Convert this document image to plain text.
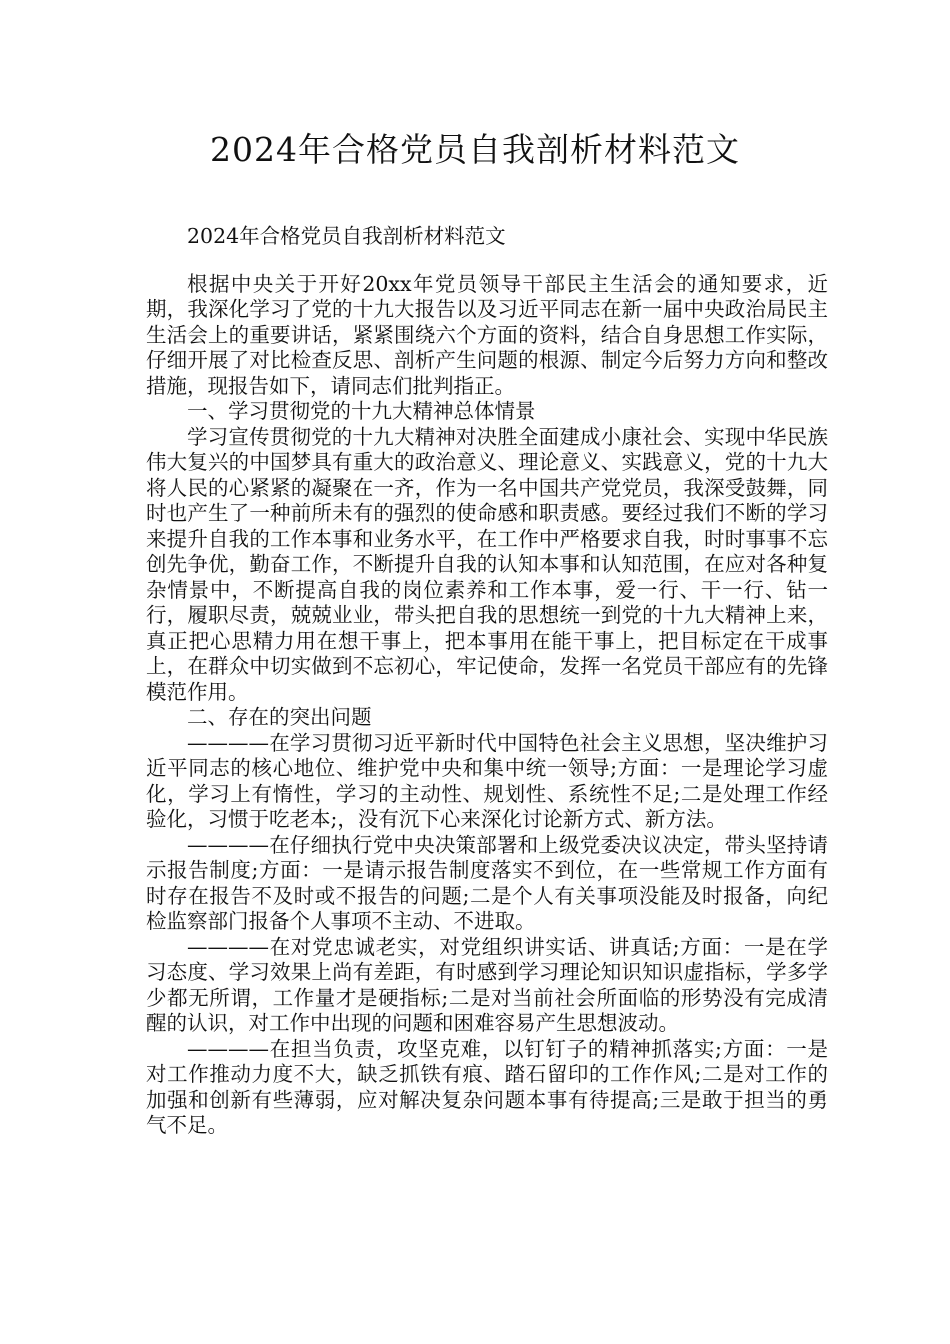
2024年合格党员自我剖析材料范文

2024年合格党员自我剖析材料范文

根据中央关于开好20xx年党员领导干部民主生活会的通知要求，近期，我深化学习了党的十九大报告以及习近平同志在新一届中央政治局民主生活会上的重要讲话，紧紧围绕六个方面的资料，结合自身思想工作实际，仔细开展了对比检查反思、剖析产生问题的根源、制定今后努力方向和整改措施，现报告如下，请同志们批判指正。

一、学习贯彻党的十九大精神总体情景

学习宣传贯彻党的十九大精神对决胜全面建成小康社会、实现中华民族伟大复兴的中国梦具有重大的政治意义、理论意义、实践意义，党的十九大将人民的心紧紧的凝聚在一齐，作为一名中国共产党党员，我深受鼓舞，同时也产生了一种前所未有的强烈的使命感和职责感。要经过我们不断的学习来提升自我的工作本事和业务水平，在工作中严格要求自我，时时事事不忘创先争优，勤奋工作，不断提升自我的认知本事和认知范围，在应对各种复杂情景中，不断提高自我的岗位素养和工作本事，爱一行、干一行、钻一行，履职尽责，兢兢业业，带头把自我的思想统一到党的十九大精神上来，真正把心思精力用在想干事上，把本事用在能干事上，把目标定在干成事上，在群众中切实做到不忘初心，牢记使命，发挥一名党员干部应有的先锋模范作用。

二、存在的突出问题

————在学习贯彻习近平新时代中国特色社会主义思想，坚决维护习近平同志的核心地位、维护党中央和集中统一领导;方面：一是理论学习虚化，学习上有惰性，学习的主动性、规划性、系统性不足;二是处理工作经验化，习惯于吃老本;，没有沉下心来深化讨论新方式、新方法。

————在仔细执行党中央决策部署和上级党委决议决定，带头坚持请示报告制度;方面：一是请示报告制度落实不到位，在一些常规工作方面有时存在报告不及时或不报告的问题;二是个人有关事项没能及时报备，向纪检监察部门报备个人事项不主动、不进取。

————在对党忠诚老实，对党组织讲实话、讲真话;方面：一是在学习态度、学习效果上尚有差距，有时感到学习理论知识知识虚指标，学多学少都无所谓，工作量才是硬指标;二是对当前社会所面临的形势没有完成清醒的认识，对工作中出现的问题和困难容易产生思想波动。

————在担当负责，攻坚克难，以钉钉子的精神抓落实;方面：一是对工作推动力度不大，缺乏抓铁有痕、踏石留印的工作作风;二是对工作的加强和创新有些薄弱，应对解决复杂问题本事有待提高;三是敢于担当的勇气不足。
